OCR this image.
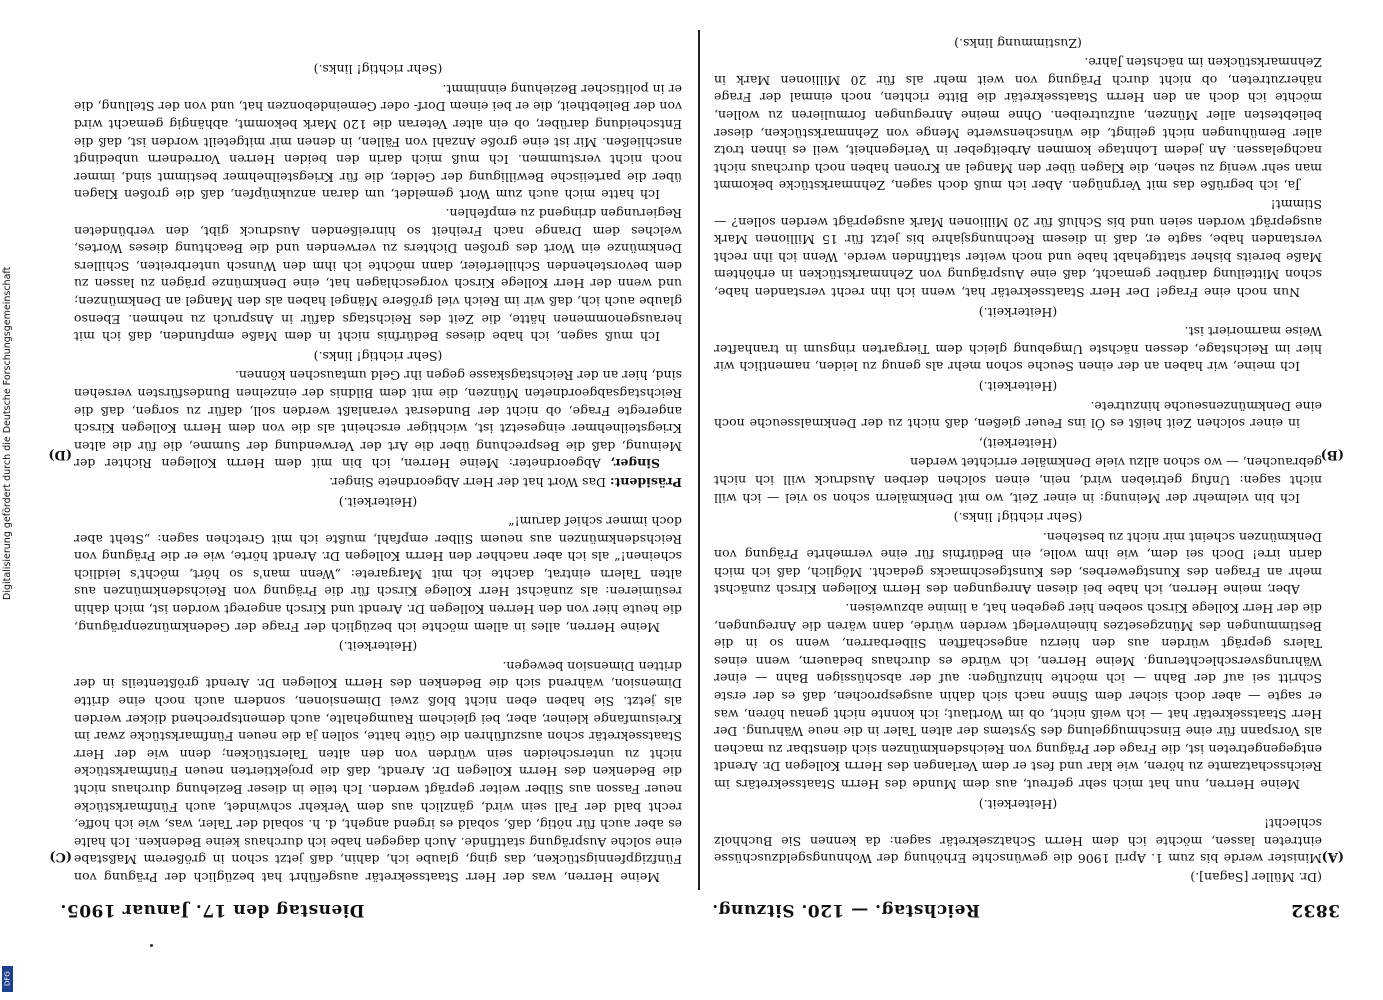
Digitalisierung gefördert durch die Deutsche Forschungsgemeinschaft
DFG
3832
Reichstag. — 120. Sitzung.
Dienstag den 17. Januar 1905.
(A)
(B)
(C)
(D)

(Dr. Müller [Sagan].)

Minister werde bis zum 1. April 1906 die gewünschte Erhöhung der Wohnungsgeldzuschüsse eintreten lassen, möchte ich dem Herrn Schatzsekretär sagen: da kennen Sie Buchholz schlecht!

(Heiterkeit.)

Meine Herren, nun hat mich sehr gefreut, aus dem Munde des Herrn Staatssekretärs im Reichsschatzamte zu hören, wie klar und fest er dem Verlangen des Herrn Kollegen Dr. Arendt entgegengetreten ist, die Frage der Prägung von Reichsdenkmünzen sich dienstbar zu machen als Vorspann für eine Einschmuggelung des Systems der alten Taler in die neue Währung. Der Herr Staatssekretär hat — ich weiß nicht, ob im Wortlaut; ich konnte nicht genau hören, was er sagte — aber doch sicher dem Sinne nach sich dahin ausgesprochen, daß es der erste Schritt sei auf der Bahn — ich möchte hinzufügen: auf der abschüssigen Bahn — einer Währungsverschlechterung. Meine Herren, ich würde es durchaus bedauern, wenn eines Talers geprägt würden aus den hierzu angeschafften Silberbarren, wenn so in die Bestimmungen des Münzgesetzes hineinverlegt werden würde, dann wären die Anregungen, die der Herr Kollege Kirsch soeben hier gegeben hat, a limine abzuweisen.

Aber, meine Herren, ich habe bei diesen Anregungen des Herrn Kollegen Kirsch zunächst mehr an Fragen des Kunstgewerbes, des Kunstgeschmacks gedacht. Möglich, daß ich mich darin irre! Doch sei dem, wie ihm wolle, ein Bedürfnis für eine vermehrte Prägung von Denkmünzen scheint mir nicht zu bestehen.

(Sehr richtig! links.)

Ich bin vielmehr der Meinung: in einer Zeit, wo mit Denkmälern schon so viel — ich will nicht sagen: Unfug getrieben wird, nein, einen solchen derben Ausdruck will ich nicht gebrauchen, — wo schon allzu viele Denkmäler errichtet werden

(Heiterkeit),

in einer solchen Zeit heißt es Öl ins Feuer gießen, daß nicht zu der Denkmalsseuche noch eine Denkmünzenseuche hinzutrete.

(Heiterkeit.)

Ich meine, wir haben an der einen Seuche schon mehr als genug zu leiden, namentlich wir hier im Reichstage, dessen nächste Umgebung gleich dem Tiergarten ringsum in tranhafter Weise marmoriert ist.

(Heiterkeit.)

Nun noch eine Frage! Der Herr Staatssekretär hat, wenn ich ihn recht verstanden habe, schon Mitteilung darüber gemacht, daß eine Ausprägung von Zehnmarkstücken in erhöhtem Maße bereits bisher stattgehabt habe und noch weiter stattfinden werde. Wenn ich ihn recht verstanden habe, sagte er, daß in diesem Rechnungsjahre bis jetzt für 15 Millionen Mark ausgeprägt worden seien und bis Schluß für 20 Millionen Mark ausgeprägt werden sollen? — Stimmt!

Ja, ich begrüße das mit Vergnügen. Aber ich muß doch sagen, Zehnmarkstücke bekommt man sehr wenig zu sehen, die Klagen über den Mangel an Kronen haben noch durchaus nicht nachgelassen. An jedem Lohntage kommen Arbeitgeber in Verlegenheit, weil es ihnen trotz aller Bemühungen nicht gelingt, die wünschenswerte Menge von Zehnmarkstücken, dieser beliebtesten aller Münzen, aufzutreiben. Ohne meine Anregungen formulieren zu wollen, möchte ich doch an den Herrn Staatssekretär die Bitte richten, noch einmal der Frage näherzutreten, ob nicht durch Prägung von weit mehr als für 20 Millionen Mark in Zehnmarkstücken im nächsten Jahre.

(Zustimmung links.)

Meine Herren, was der Herr Staatssekretär ausgeführt hat bezüglich der Prägung von Fünfzigpfennigstücken, das ging, glaube ich, dahin, daß jetzt schon in größerem Maßstabe eine solche Ausprägung stattfinde. Auch dagegen habe ich durchaus keine Bedenken. Ich halte es aber auch für nötig, daß, sobald es irgend angeht, d. h. sobald der Taler, was, wie ich hoffe, recht bald der Fall sein wird, gänzlich aus dem Verkehr schwindet, auch Fünfmarkstücke neuer Fasson aus Silber weiter geprägt werden. Ich teile in dieser Beziehung durchaus nicht die Bedenken des Herrn Kollegen Dr. Arendt, daß die projektierten neuen Fünfmarkstücke nicht zu unterscheiden sein würden von den alten Talerstücken; denn wie der Herr Staatssekretär schon auszuführen die Güte hatte, sollen ja die neuen Fünfmarkstücke zwar im Kreisumfange kleiner, aber, bei gleichem Raumgehalte, auch dementsprechend dicker werden als jetzt. Sie haben eben nicht bloß zwei Dimensionen, sondern auch noch eine dritte Dimension, während sich die Bedenken des Herrn Kollegen Dr. Arendt größtenteils in der dritten Dimension bewegen.

(Heiterkeit.)

Meine Herren, alles in allem möchte ich bezüglich der Frage der Gedenkmünzenprägung, die heute hier von den Herren Kollegen Dr. Arendt und Kirsch angeregt worden ist, mich dahin resümieren: als zunächst Herr Kollege Kirsch für die Prägung von Reichsdenkmünzen aus alten Talern eintrat, dachte ich mit Margarete: „Wenn man's so hört, möcht's leidlich scheinen!“ als ich aber nachher den Herrn Kollegen Dr. Arendt hörte, wie er die Prägung von Reichsdenkmünzen aus neuem Silber empfahl, mußte ich mit Gretchen sagen: „Steht aber doch immer schief darum!“

(Heiterkeit.)

Präsident: Das Wort hat der Herr Abgeordnete Singer.

Singer, Abgeordneter: Meine Herren, ich bin mit dem Herrn Kollegen Richter der Meinung, daß die Besprechung über die Art der Verwendung der Summe, die für die alten Kriegsteilnehmer eingesetzt ist, wichtiger erscheint als die von dem Herrn Kollegen Kirsch angeregte Frage, ob nicht der Bundesrat veranlaßt werden soll, dafür zu sorgen, daß die Reichstagsabgeordneten Münzen, die mit dem Bildnis der einzelnen Bundesfürsten versehen sind, hier an der Reichstagskasse gegen ihr Geld umtauschen können.

(Sehr richtig! links.)

Ich muß sagen, ich habe dieses Bedürfnis nicht in dem Maße empfunden, daß ich mit herausgenommenen hätte, die Zeit des Reichstags dafür in Anspruch zu nehmen. Ebenso glaube auch ich, daß wir im Reich viel größere Mängel haben als den Mangel an Denkmünzen; und wenn der Herr Kollege Kirsch vorgeschlagen hat, eine Denkmünze prägen zu lassen zu dem bevorstehenden Schillerfeier, dann möchte ich ihm den Wunsch unterbreiten, Schillers Denkmünze ein Wort des großen Dichters zu verwenden und die Beachtung dieses Wortes, welches dem Drange nach Freiheit so hinreißenden Ausdruck gibt, den verbündeten Regierungen dringend zu empfehlen.

Ich hatte mich auch zum Wort gemeldet, um daran anzuknüpfen, daß die großen Klagen über die parteiische Bewilligung der Gelder, die für Kriegsteilnehmer bestimmt sind, immer noch nicht verstummen. Ich muß mich darin den beiden Herren Vorrednern unbedingt anschließen. Mir ist eine große Anzahl von Fällen, in denen mir mitgeteilt worden ist, daß die Entscheidung darüber, ob ein alter Veteran die 120 Mark bekommt, abhängig gemacht wird von der Beliebtheit, die er bei einem Dorf- oder Gemeindebonzen hat, und von der Stellung, die er in politischer Beziehung einnimmt.

(Sehr richtig! links.)
